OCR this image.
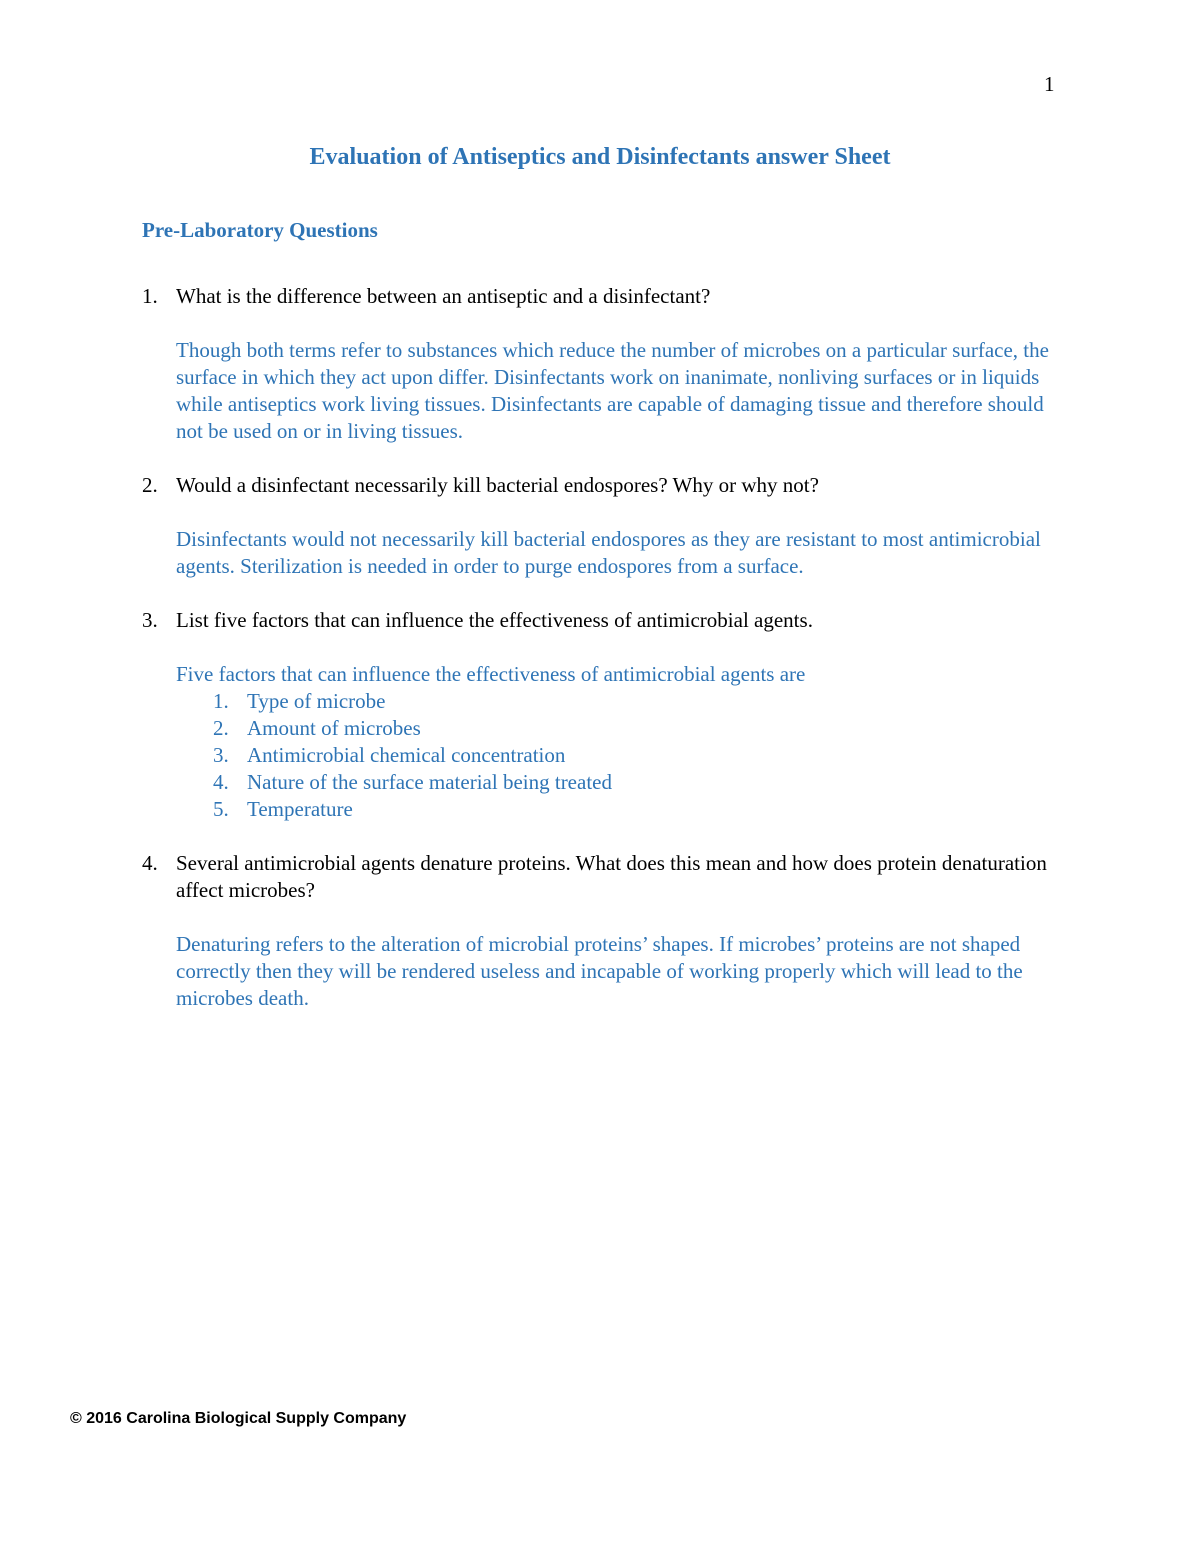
1
Evaluation of Antiseptics and Disinfectants answer Sheet
Pre-Laboratory Questions
1. What is the difference between an antiseptic and a disinfectant?
Though both terms refer to substances which reduce the number of microbes on a particular surface, the surface in which they act upon differ. Disinfectants work on inanimate, nonliving surfaces or in liquids while antiseptics work living tissues. Disinfectants are capable of damaging tissue and therefore should not be used on or in living tissues.
2. Would a disinfectant necessarily kill bacterial endospores? Why or why not?
Disinfectants would not necessarily kill bacterial endospores as they are resistant to most antimicrobial agents. Sterilization is needed in order to purge endospores from a surface.
3. List five factors that can influence the effectiveness of antimicrobial agents.
Five factors that can influence the effectiveness of antimicrobial agents are
1. Type of microbe
2. Amount of microbes
3. Antimicrobial chemical concentration
4. Nature of the surface material being treated
5. Temperature
4. Several antimicrobial agents denature proteins. What does this mean and how does protein denaturation affect microbes?
Denaturing refers to the alteration of microbial proteins’ shapes. If microbes’ proteins are not shaped correctly then they will be rendered useless and incapable of working properly which will lead to the microbes death.
© 2016 Carolina Biological Supply Company
